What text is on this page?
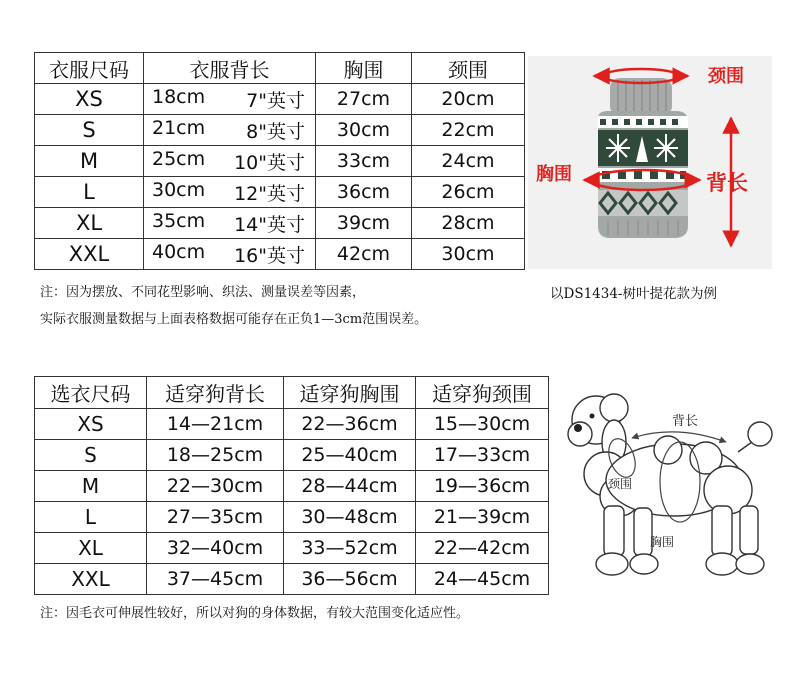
衣服尺码	衣服背长	胸围	颈围
XS	18cm 7"英寸	27cm	20cm
S	21cm 8"英寸	30cm	22cm
M	25cm 10"英寸	33cm	24cm
L	30cm 12"英寸	36cm	26cm
XL	35cm 14"英寸	39cm	28cm
XXL	40cm 16"英寸	42cm	30cm
颈围
胸围	背长
注：因为摆放、不同花型影响、织法、测量误差等因素，
实际衣服测量数据与上面表格数据可能存在正负1—3cm范围误差。
以DS1434-树叶提花款为例
选衣尺码	适穿狗背长	适穿狗胸围	适穿狗颈围
XS	14—21cm	22—36cm	15—30cm
S	18—25cm	25—40cm	17—33cm
M	22—30cm	28—44cm	19—36cm
L	27—35cm	30—48cm	21—39cm
XL	32—40cm	33—52cm	22—42cm
XXL	37—45cm	36—56cm	24—45cm
背长
颈围
胸围
注：因毛衣可伸展性较好，所以对狗的身体数据，有较大范围变化适应性。
